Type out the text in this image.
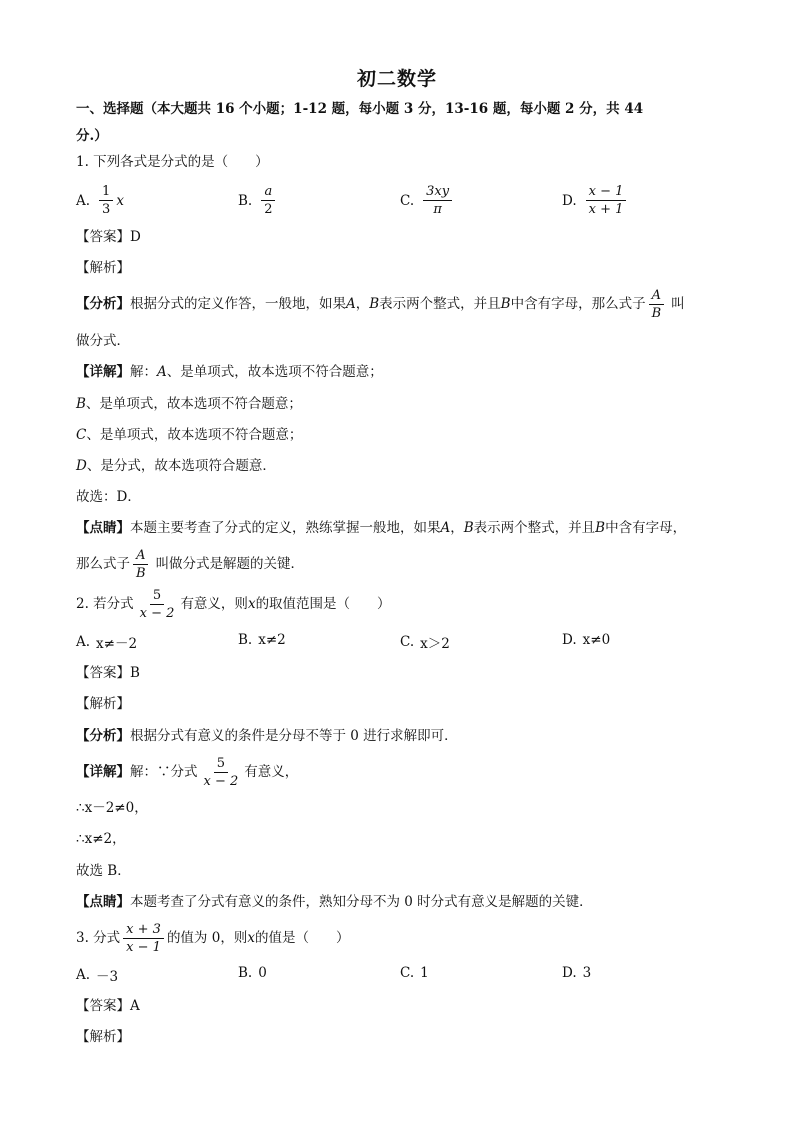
初二数学
一、选择题（本大题共 16 个小题；1-12 题，每小题 3 分，13-16 题，每小题 2 分，共 44
分.）
1. 下列各式是分式的是（　　）
A. $\frac{1}{3}$ x	B. $\frac{a}{2}$	C. $\frac{3xy}{\pi}$	D. $\frac{x - 1}{x + 1}$
【答案】D
【解析】
【分析】 根据分式的定义作答，一般地，如果 A ， B 表示两个整式，并且 B 中含有字母，那么式子 $\frac{A}{B}$ 叫
做分式．
【详解】解：A、是单项式，故本选项不符合题意；
B、是单项式，故本选项不符合题意；
C、是单项式，故本选项不符合题意；
D、是分式，故本选项符合题意．
故选：D．
【点睛】本题主要考查了分式的定义，熟练掌握一般地，如果A，B表示两个整式，并且B中含有字母，
那么式子 $\frac{A}{B}$ 叫做分式是解题的关键．
2. 若分式 $\frac{5}{x - 2}$ 有意义，则 x 的取值范围是（　　）
A. x≠－2	B. x≠2	C. x＞2	D. x≠0
【答案】B
【解析】
【分析】根据分式有意义的条件是分母不等于 0 进行求解即可．
【详解】 解：∵分式 $\frac{5}{x - 2}$ 有意义，
∴x－2≠0，
∴x≠2，
故选 B．
【点睛】本题考查了分式有意义的条件，熟知分母不为 0 时分式有意义是解题的关键．
3. 分式 $\frac{x + 3}{x - 1}$ 的值为 0，则 x 的值是（　　）
A. －3	B. 0	C. 1	D. 3
【答案】A
【解析】
